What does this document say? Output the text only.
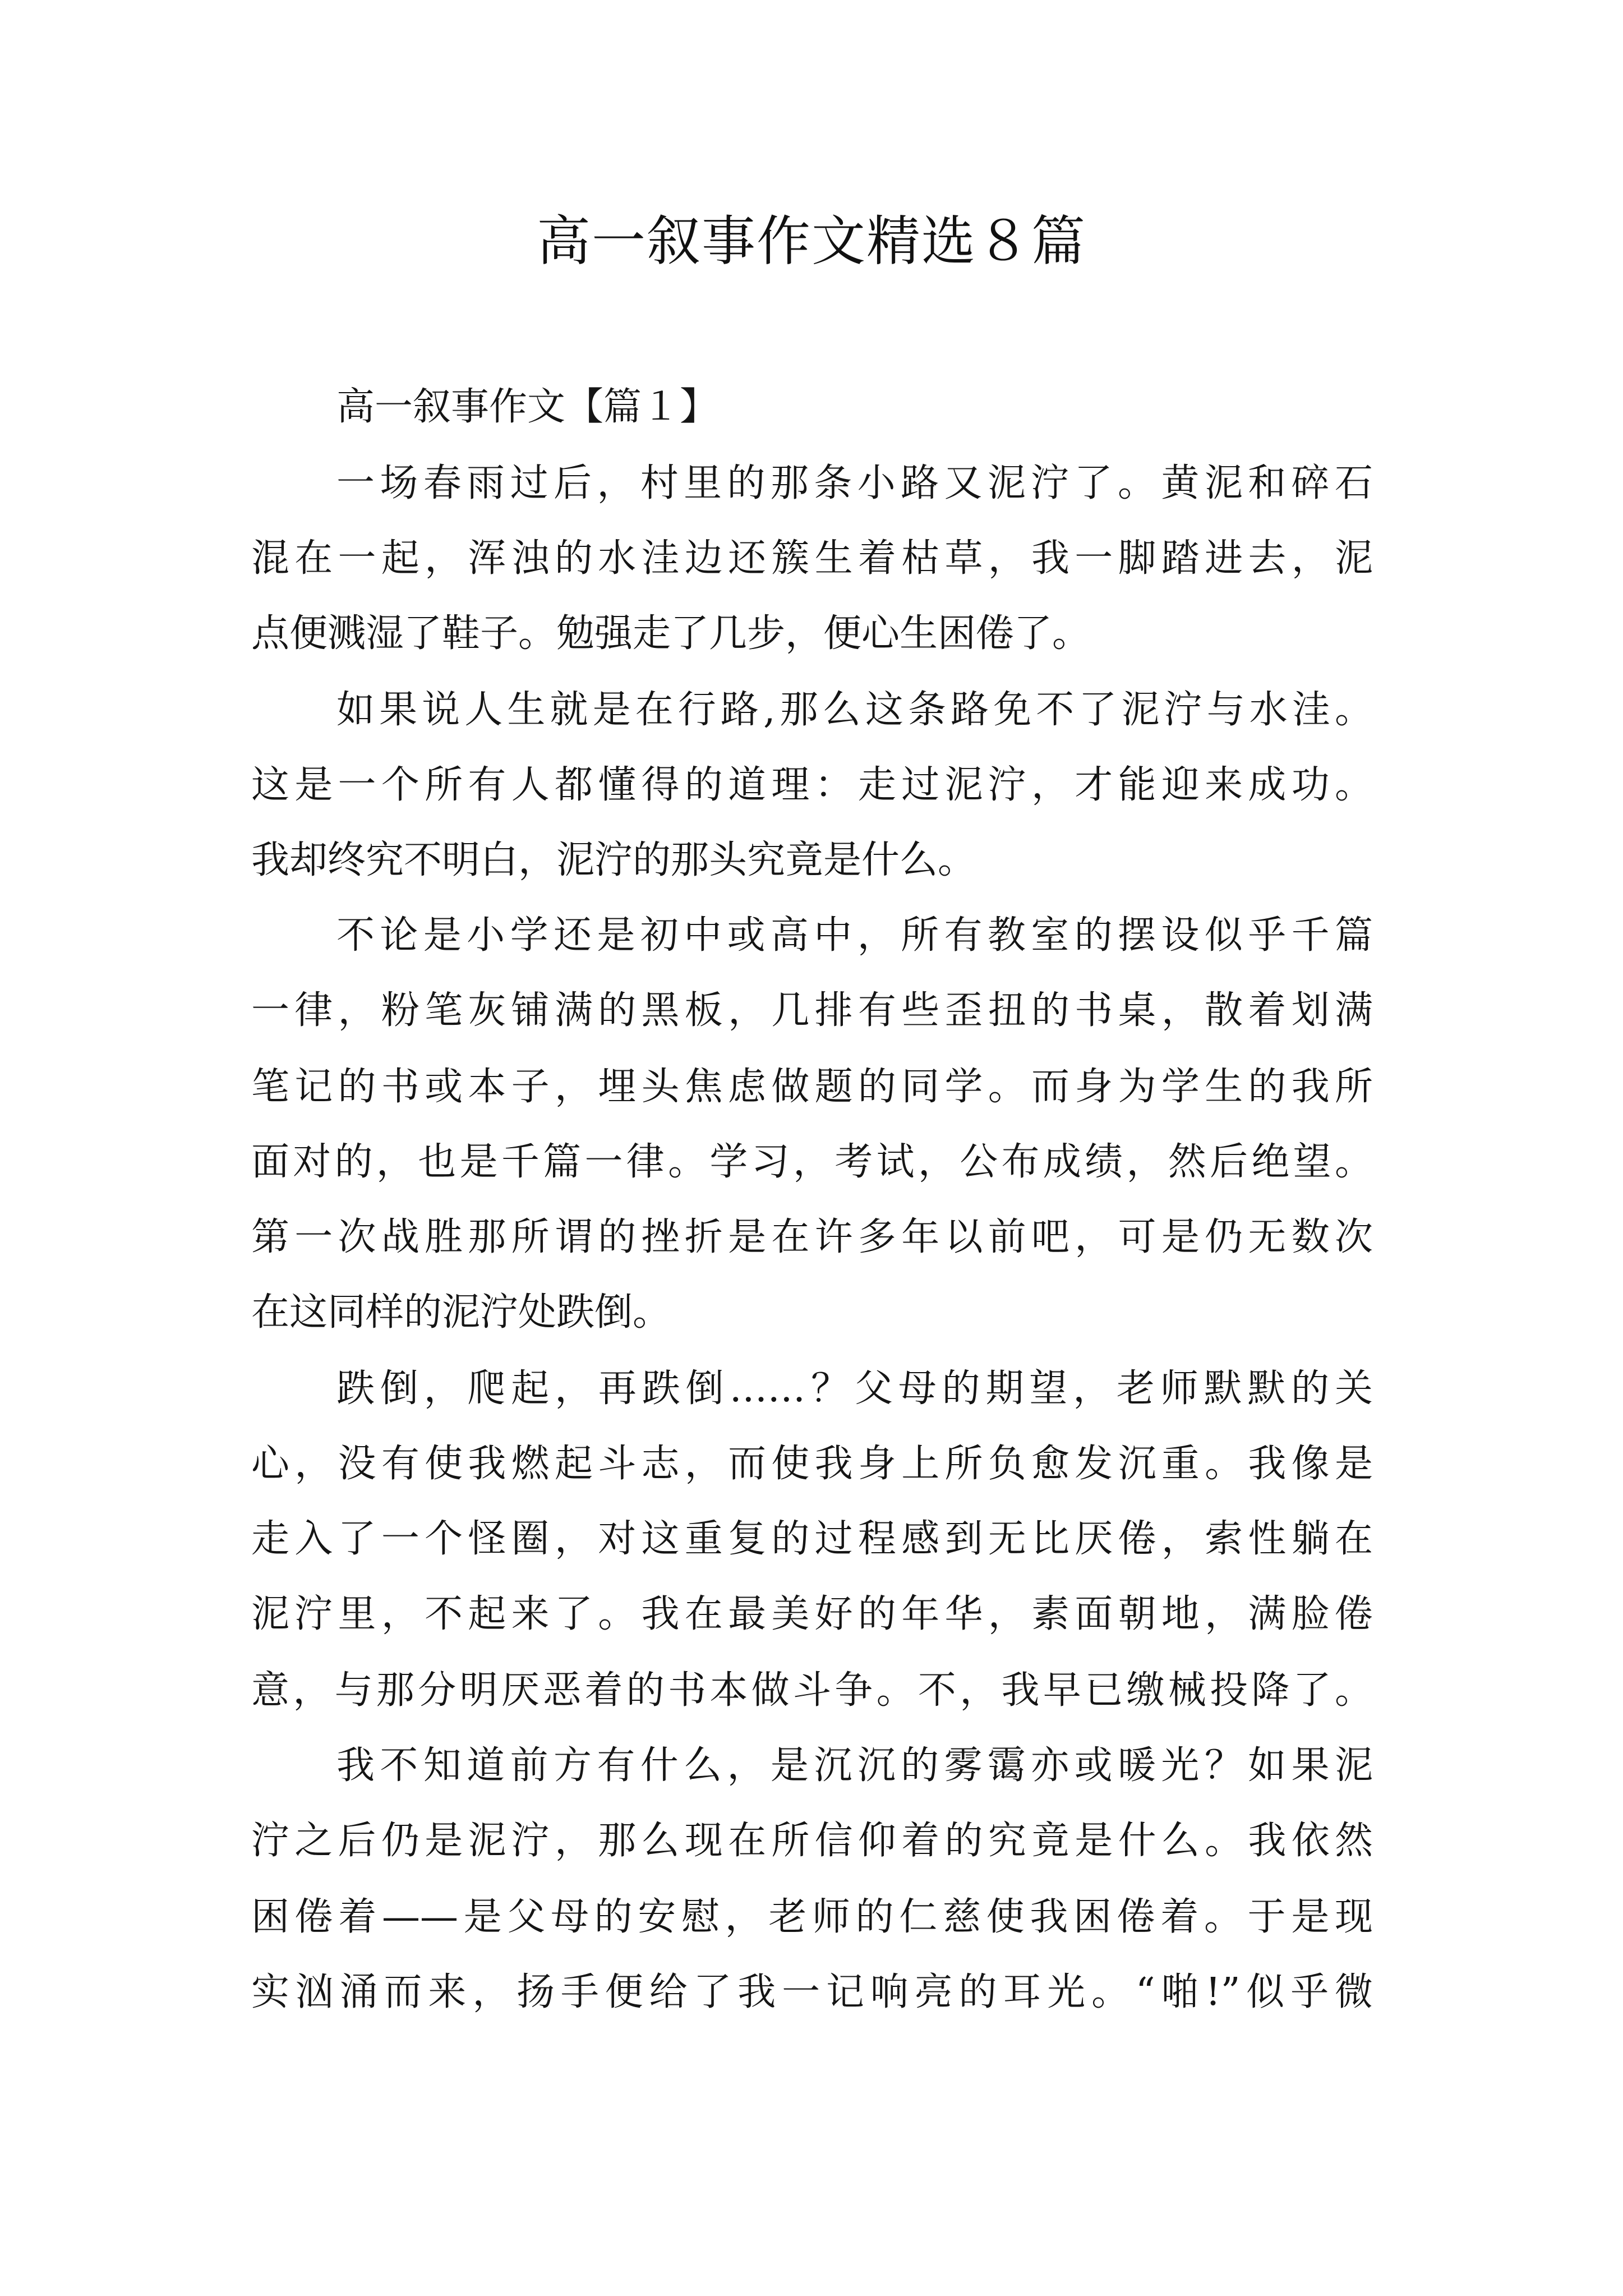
高一叙事作文精选８篇
高一叙事作文【篇１】
一场春雨过后，村里的那条小路又泥泞了。黄泥和碎石
混在一起，浑浊的水洼边还簇生着枯草，我一脚踏进去，泥
点便溅湿了鞋子。勉强走了几步，便心生困倦了。
如果说人生就是在行路,那么这条路免不了泥泞与水洼。
这是一个所有人都懂得的道理：走过泥泞，才能迎来成功。
我却终究不明白，泥泞的那头究竟是什么。
不论是小学还是初中或高中，所有教室的摆设似乎千篇
一律，粉笔灰铺满的黑板，几排有些歪扭的书桌，散着划满
笔记的书或本子，埋头焦虑做题的同学。而身为学生的我所
面对的，也是千篇一律。学习，考试，公布成绩，然后绝望。
第一次战胜那所谓的挫折是在许多年以前吧，可是仍无数次
在这同样的泥泞处跌倒。
跌倒，爬起，再跌倒……？父母的期望，老师默默的关
心，没有使我燃起斗志，而使我身上所负愈发沉重。我像是
走入了一个怪圈，对这重复的过程感到无比厌倦，索性躺在
泥泞里，不起来了。我在最美好的年华，素面朝地，满脸倦
意，与那分明厌恶着的书本做斗争。不，我早已缴械投降了。
我不知道前方有什么，是沉沉的雾霭亦或暖光？如果泥
泞之后仍是泥泞，那么现在所信仰着的究竟是什么。我依然
困倦着——是父母的安慰，老师的仁慈使我困倦着。于是现
实汹涌而来，扬手便给了我一记响亮的耳光。“啪!”似乎微
